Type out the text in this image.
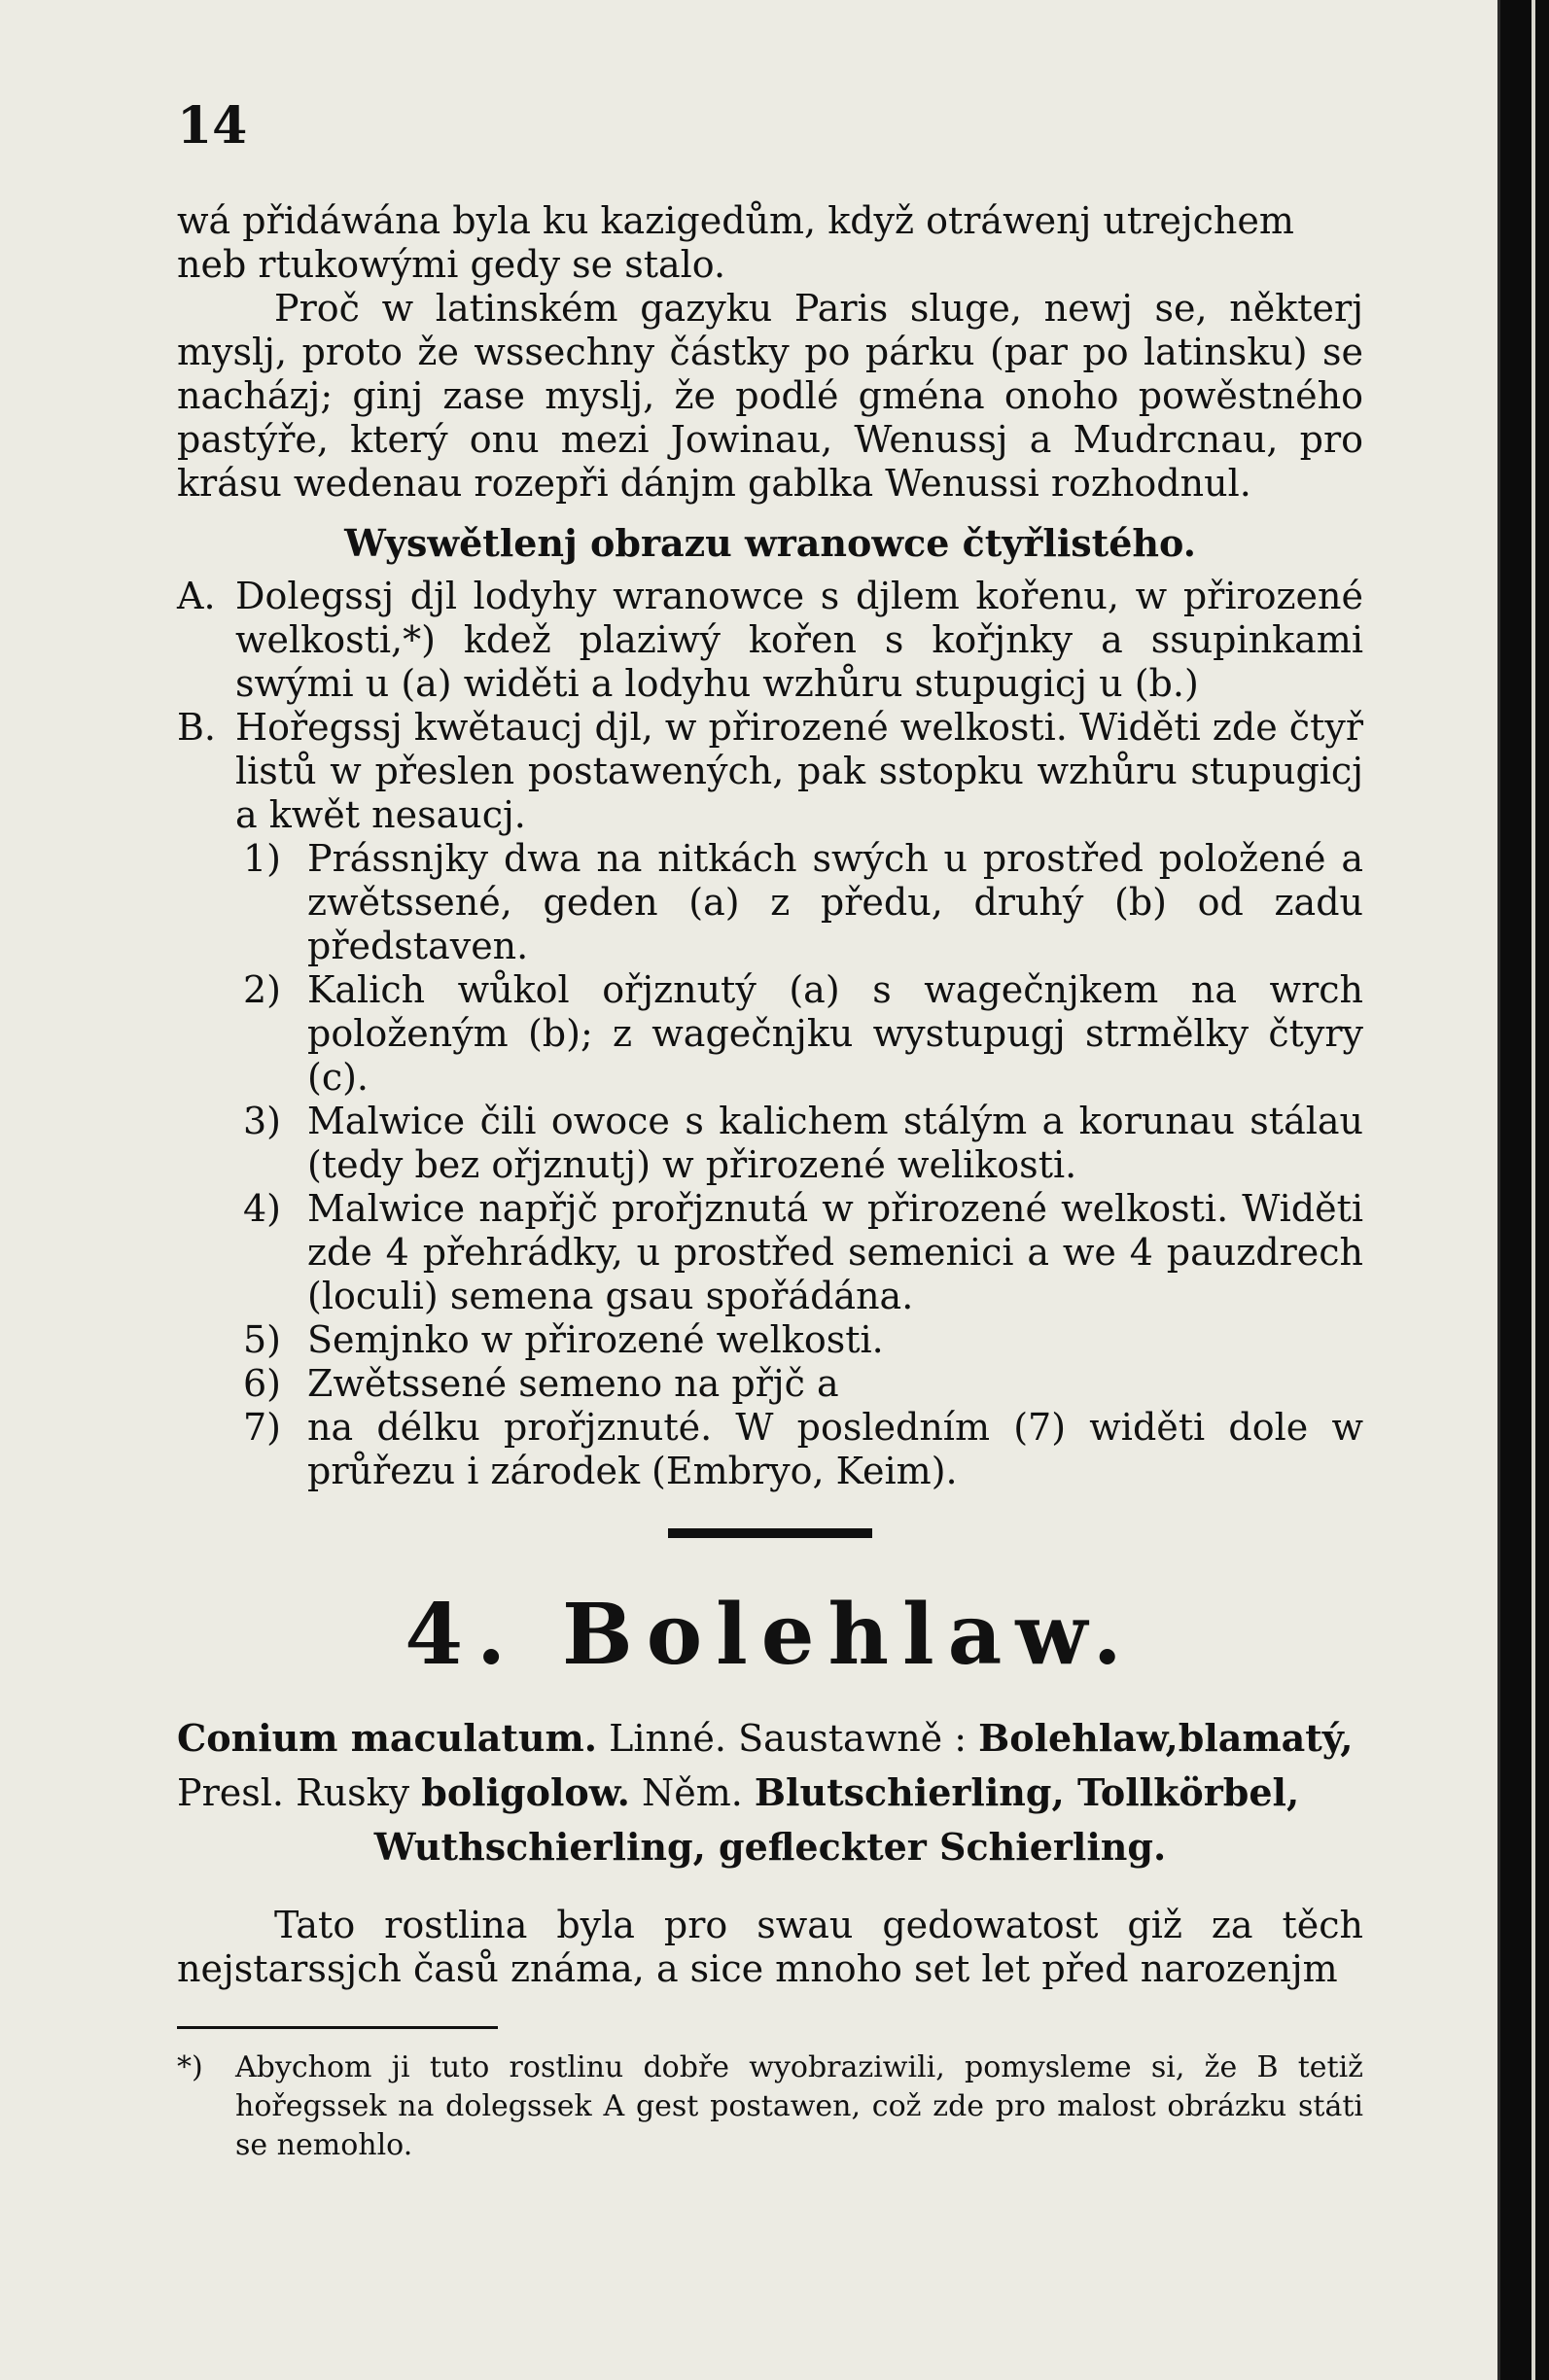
14

wá přidáwána byla ku kazigedům, když otráwenj utrejchem

neb rtukowými gedy se stalo.

Proč w latinském gazyku Paris sluge, newj se, některj myslj, proto že wssechny částky po párku (par po latinsku) se nacházj; ginj zase myslj, že podlé gména onoho powěstného pastýře, který onu mezi Jowinau, Wenussj a Mudrcnau, pro krásu wedenau rozepři dánjm gablka Wenussi rozhodnul.

Wyswětlenj obrazu wranowce čtyřlistého.
A. Dolegssj djl lodyhy wranowce s djlem kořenu, w přirozené welkosti,*) kdež plaziwý kořen s kořjnky a ssupinkami swými u (a) widěti a lodyhu wzhůru stupugicj u (b.)
B. Hořegssj kwětaucj djl, w přirozené welkosti. Widěti zde čtyř listů w přeslen postawených, pak sstopku wzhůru stupugicj a kwět nesaucj.
1) Prássnjky dwa na nitkách swých u prostřed položené a zwětssené, geden (a) z předu, druhý (b) od zadu představen.
2) Kalich wůkol ořjznutý (a) s wagečnjkem na wrch položeným (b); z wagečnjku wystupugj strmělky čtyry (c).
3) Malwice čili owoce s kalichem stálým a korunau stálau (tedy bez ořjznutj) w přirozené welikosti.
4) Malwice napřjč prořjznutá w přirozené welkosti. Widěti zde 4 přehrádky, u prostřed semenici a we 4 pauzdrech (loculi) semena gsau spořádána.
5) Semjnko w přirozené welkosti.
6) Zwětssené semeno na přjč a
7) na délku prořjznuté. W posledním (7) widěti dole w průřezu i zárodek (Embryo, Keim).
4. Bolehlaw.

Conium maculatum. Linné. Saustawně : Bolehlaw,blamatý,

Presl. Rusky boligolow. Něm. Blutschierling, Tollkörbel,

Wuthschierling, gefleckter Schierling.

Tato rostlina byla pro swau gedowatost giž za těch nejstarssjch časů známa, a sice mnoho set let před narozenjm

*) Abychom ji tuto rostlinu dobře wyobraziwili, pomysleme si, že B tetiž hořegssek na dolegssek A gest postawen, což zde pro malost obrázku státi se nemohlo.
